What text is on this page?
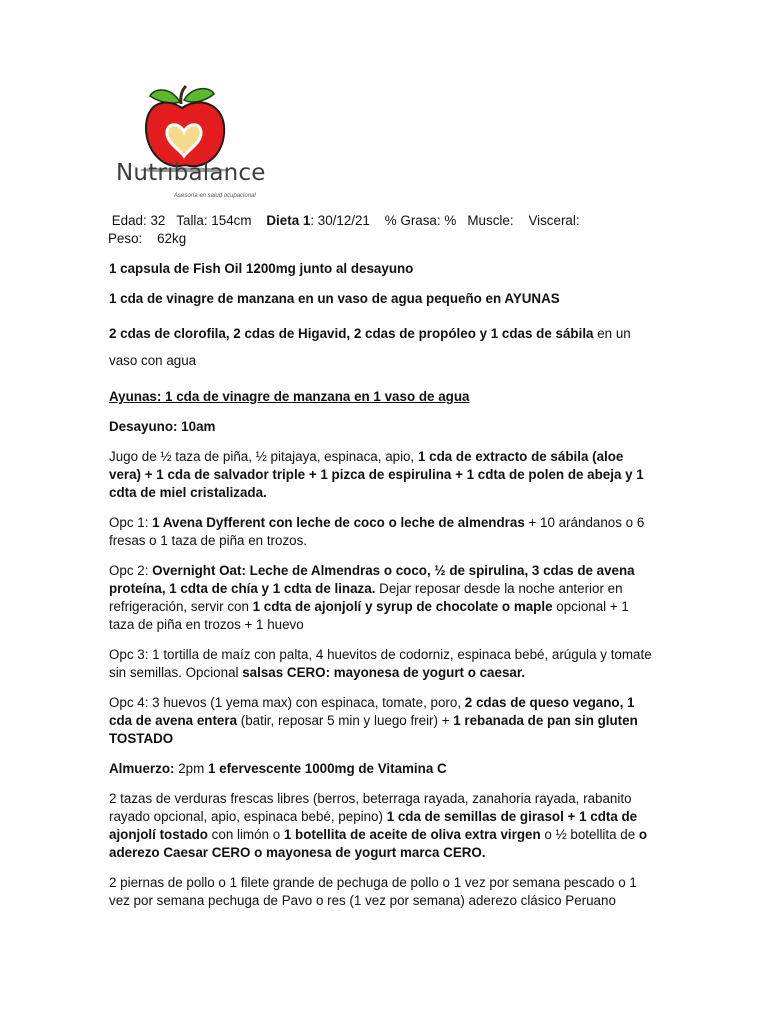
Nutribalance
Asesoría en salud ocupacional
Edad: 32 Talla: 154cm Dieta 1: 30/12/21 % Grasa: % Muscle: Visceral:
Peso: 62kg
1 capsula de Fish Oil 1200mg junto al desayuno
1 cda de vinagre de manzana en un vaso de agua pequeño en AYUNAS
2 cdas de clorofila, 2 cdas de Higavid, 2 cdas de propóleo y 1 cdas de sábila en un
vaso con agua
Ayunas: 1 cda de vinagre de manzana en 1 vaso de agua
Desayuno: 10am
Jugo de ½ taza de piña, ½ pitajaya, espinaca, apio, 1 cda de extracto de sábila (aloe vera) + 1 cda de salvador triple + 1 pizca de espirulina + 1 cdta de polen de abeja y 1 cdta de miel cristalizada.
Opc 1: 1 Avena Dyfferent con leche de coco o leche de almendras + 10 arándanos o 6 fresas o 1 taza de piña en trozos.
Opc 2: Overnight Oat: Leche de Almendras o coco, ½ de spirulina, 3 cdas de avena proteína, 1 cdta de chía y 1 cdta de linaza. Dejar reposar desde la noche anterior en refrigeración, servir con 1 cdta de ajonjolí y syrup de chocolate o maple opcional + 1 taza de piña en trozos + 1 huevo
Opc 3: 1 tortilla de maíz con palta, 4 huevitos de codorniz, espinaca bebé, arúgula y tomate sin semillas. Opcional salsas CERO: mayonesa de yogurt o caesar.
Opc 4: 3 huevos (1 yema max) con espinaca, tomate, poro, 2 cdas de queso vegano, 1 cda de avena entera (batir, reposar 5 min y luego freir) + 1 rebanada de pan sin gluten TOSTADO
Almuerzo: 2pm 1 efervescente 1000mg de Vitamina C
2 tazas de verduras frescas libres (berros, beterraga rayada, zanahoria rayada, rabanito rayado opcional, apio, espinaca bebé, pepino) 1 cda de semillas de girasol + 1 cdta de ajonjolí tostado con limón o 1 botellita de aceite de oliva extra virgen o ½ botellita de o aderezo Caesar CERO o mayonesa de yogurt marca CERO.
2 piernas de pollo o 1 filete grande de pechuga de pollo o 1 vez por semana pescado o 1 vez por semana pechuga de Pavo o res (1 vez por semana) aderezo clásico Peruano
